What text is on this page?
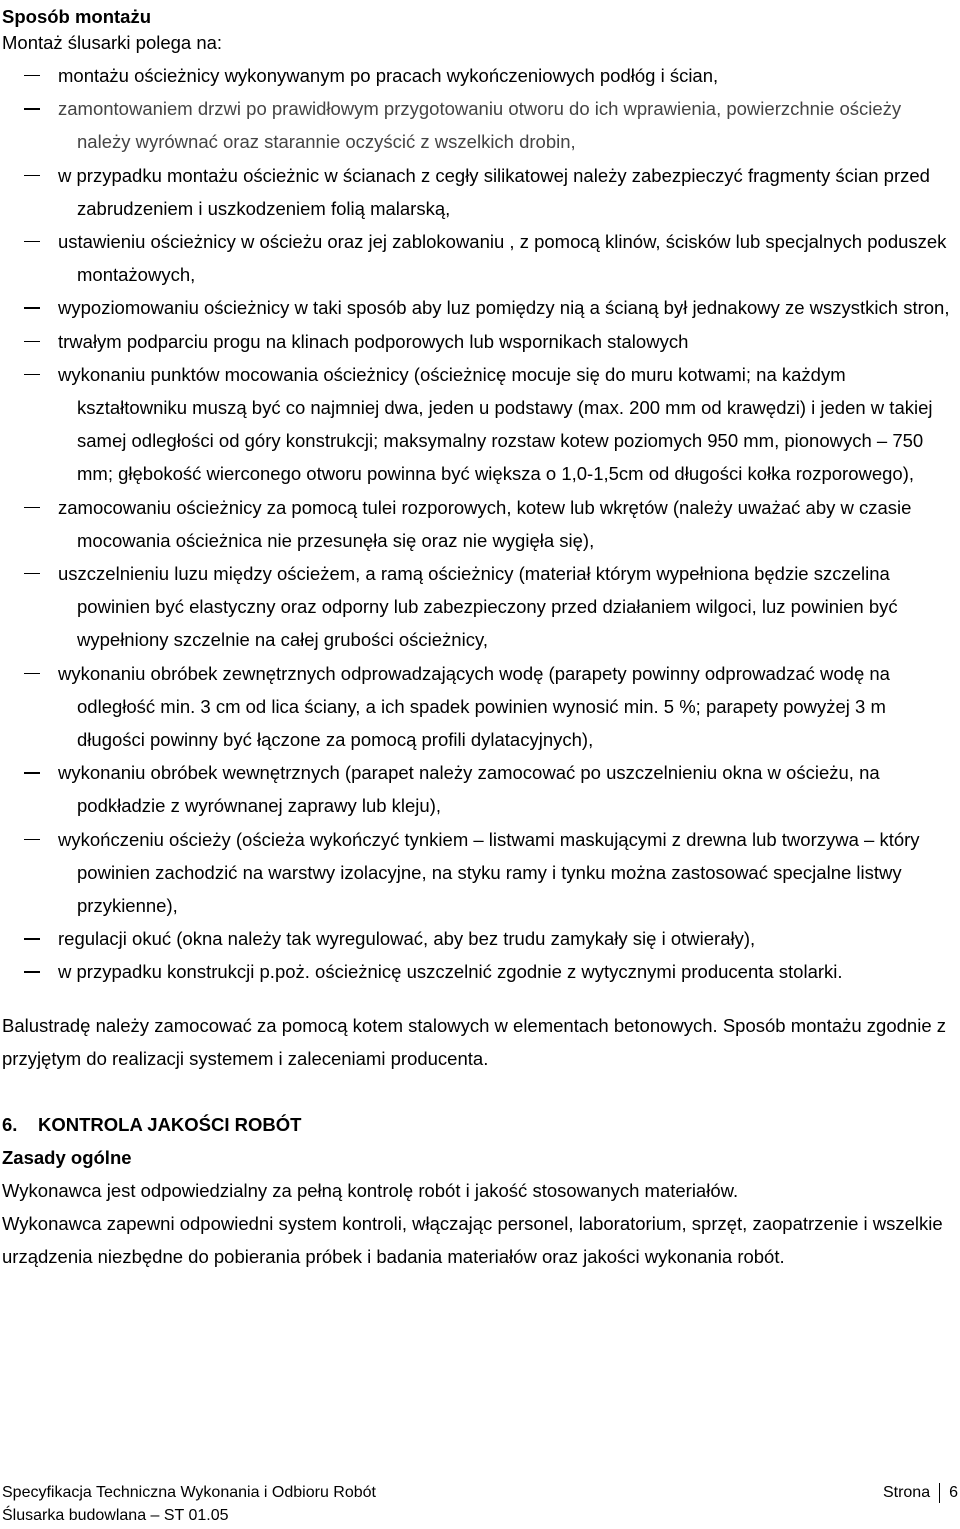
Sposób montażu

Montaż ślusarki polega na:

montażu ościeżnicy wykonywanym po pracach wykończeniowych podłóg i ścian,
zamontowaniem drzwi po prawidłowym przygotowaniu otworu do ich wprawienia, powierzchnie ościeży należy wyrównać oraz starannie oczyścić z wszelkich drobin,
w przypadku montażu ościeżnic w ścianach z cegły silikatowej należy zabezpieczyć fragmenty ścian przed zabrudzeniem i uszkodzeniem folią malarską,
ustawieniu ościeżnicy w ościeżu oraz jej zablokowaniu , z pomocą klinów, ścisków lub specjalnych poduszek montażowych,
wypoziomowaniu ościeżnicy w taki sposób aby luz pomiędzy nią a ścianą był jednakowy ze wszystkich stron,
trwałym podparciu progu na klinach podporowych lub wspornikach stalowych
wykonaniu punktów mocowania ościeżnicy (ościeżnicę mocuje się do muru kotwami; na każdym kształtowniku muszą być co najmniej dwa, jeden u podstawy (max. 200 mm od krawędzi) i jeden w takiej samej odległości od góry konstrukcji; maksymalny rozstaw kotew poziomych 950 mm, pionowych – 750 mm; głębokość wierconego otworu powinna być większa o 1,0-1,5cm od długości kołka rozporowego),
zamocowaniu ościeżnicy za pomocą tulei rozporowych, kotew lub wkrętów (należy uważać aby w czasie mocowania ościeżnica nie przesunęła się oraz nie wygięła się),
uszczelnieniu luzu między ościeżem, a ramą ościeżnicy (materiał którym wypełniona będzie szczelina powinien być elastyczny oraz odporny lub zabezpieczony przed działaniem wilgoci, luz powinien być wypełniony szczelnie na całej grubości ościeżnicy,
wykonaniu obróbek zewnętrznych odprowadzających wodę (parapety powinny odprowadzać wodę na odległość min. 3 cm od lica ściany, a ich spadek powinien wynosić min. 5 %; parapety powyżej 3 m długości powinny być łączone za pomocą profili dylatacyjnych),
wykonaniu obróbek wewnętrznych (parapet należy zamocować po uszczelnieniu okna w ościeżu, na podkładzie z wyrównanej zaprawy lub kleju),
wykończeniu ościeży (ościeża wykończyć tynkiem – listwami maskującymi z drewna lub tworzywa – który powinien zachodzić na warstwy izolacyjne, na styku ramy i tynku można zastosować specjalne listwy przykienne),
regulacji okuć (okna należy tak wyregulować, aby bez trudu zamykały się i otwierały),
w przypadku konstrukcji p.poż. ościeżnicę uszczelnić zgodnie z wytycznymi producenta stolarki.

Balustradę należy zamocować za pomocą kotem stalowych w elementach betonowych. Sposób montażu zgodnie z przyjętym do realizacji systemem i zaleceniami producenta.

6. KONTROLA JAKOŚCI ROBÓT

Zasady ogólne

Wykonawca jest odpowiedzialny za pełną kontrolę robót i jakość stosowanych materiałów.

Wykonawca zapewni odpowiedni system kontroli, włączając personel, laboratorium, sprzęt, zaopatrzenie i wszelkie urządzenia niezbędne do pobierania próbek i badania materiałów oraz jakości wykonania robót.

Specyfikacja Techniczna Wykonania i Odbioru Robót
Ślusarka budowlana – ST 01.05
Strona 6
